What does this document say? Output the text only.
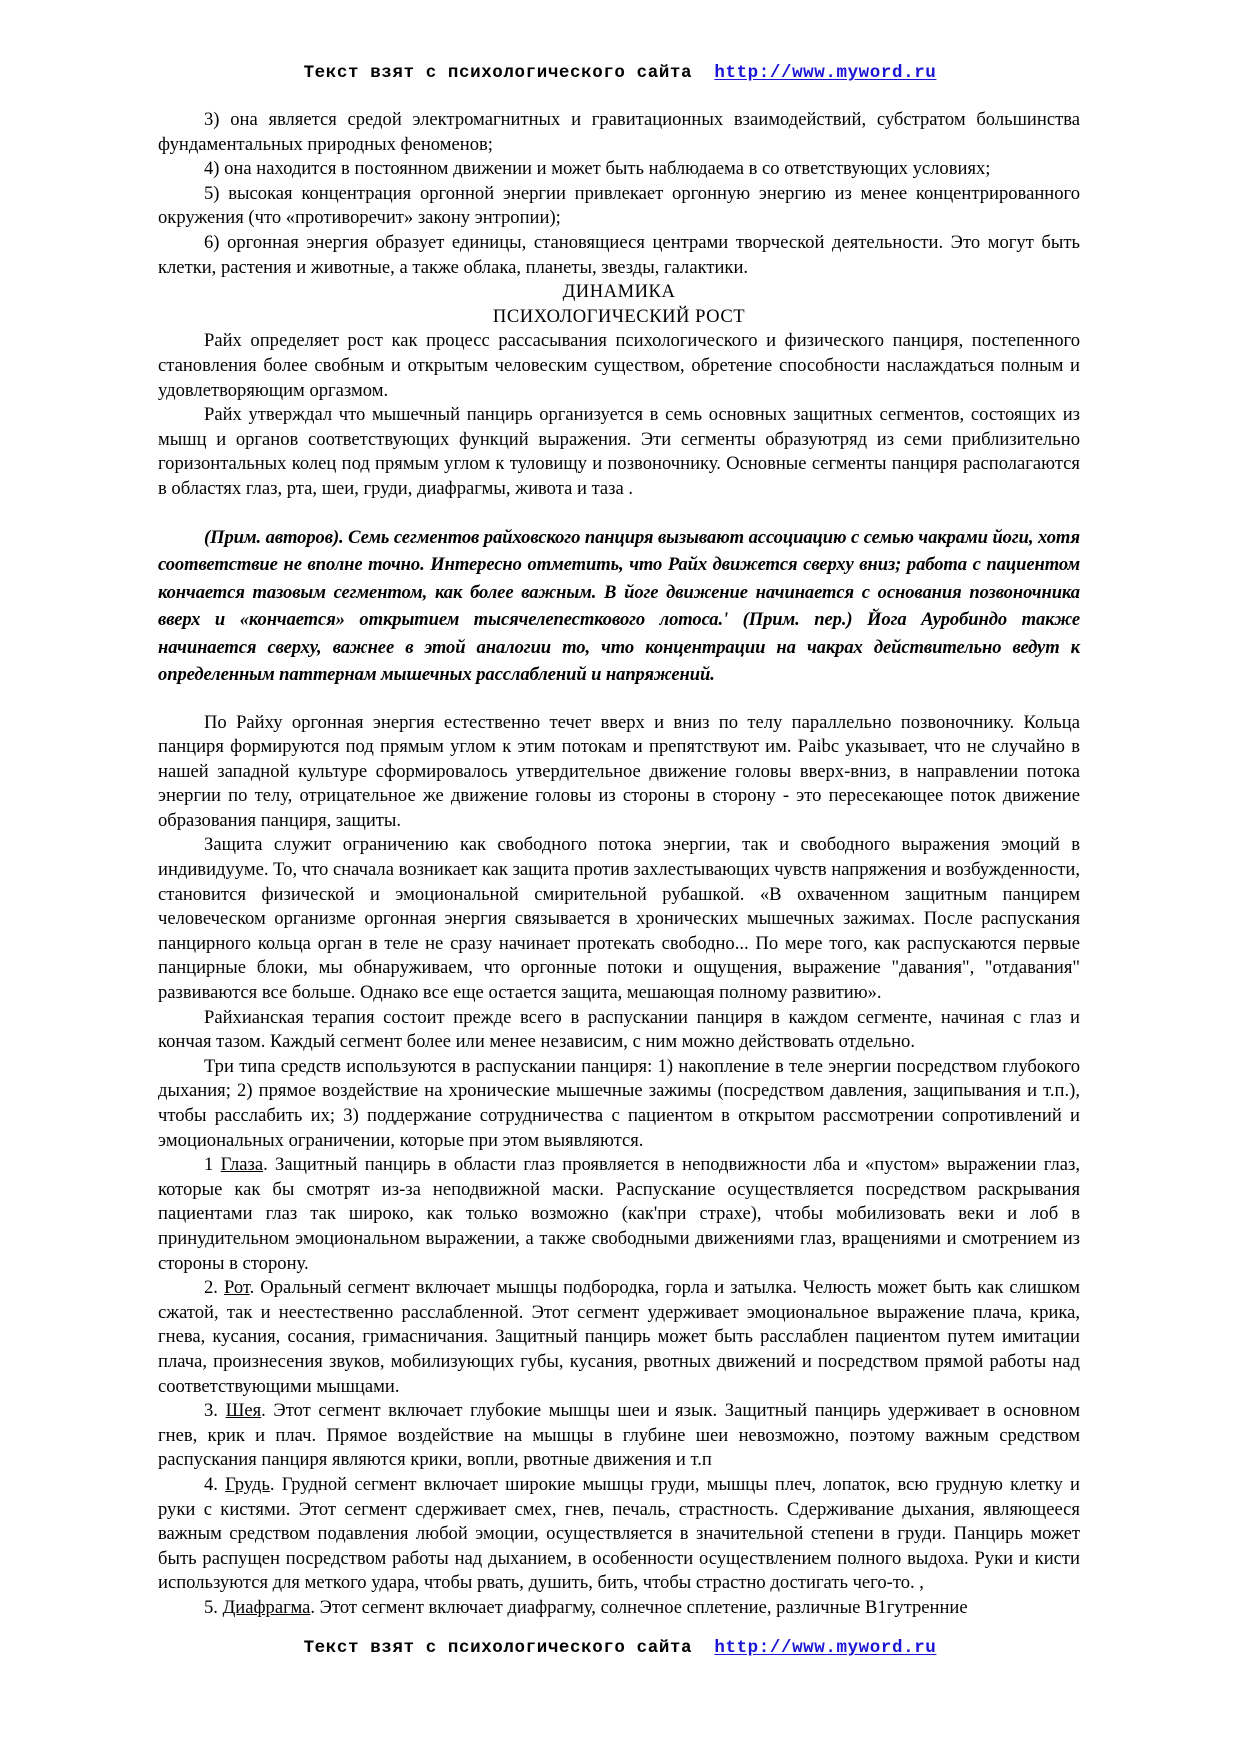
Текст взят с психологического сайта http://www.myword.ru

3) она является средой электромагнитных и гравитационных взаимодействий, субстратом большинства фундаментальных природных феноменов;

4) она находится в постоянном движении и может быть наблюдаема в со ответствующих условиях;

5) высокая концентрация оргонной энергии привлекает оргонную энергию из менее концентрированного окружения (что «противоречит» закону энтропии);

6) оргонная энергия образует единицы, становящиеся центрами творческой деятельности. Это могут быть клетки, растения и животные, а также облака, планеты, звезды, галактики.

ДИНАМИКА
ПСИХОЛОГИЧЕСКИЙ РОСТ

Райх определяет рост как процесс рассасывания психологического и физического панциря, постепенного становления более свобным и открытым человеским существом, обретение способности наслаждаться полным и удовлетворяющим оргазмом.

Райх утверждал что мышечный панцирь организуется в семь основных защитных сегментов, состоящих из мышц и органов соответствующих функций выражения. Эти сегменты образуютряд из семи приблизительно горизонтальных колец под прямым углом к туловищу и позвоночнику. Основные сегменты панциря располагаются в областях глаз, рта, шеи, груди, диафрагмы, живота и таза .

(Прим. авторов). Семь сегментов райховского панциря вызывают ассоциацию с семью чакрами йоги, хотя соответствие не вполне точно. Интересно отметить, что Райх движется сверху вниз; работа с пациентом кончается тазовым сегментом, как более важным. В йоге движение начинается с основания позвоночника вверх и «кончается» открытием тысячелепесткового лотоса.' (Прим. пер.) Йога Ауробиндо также начинается сверху, важнее в этой аналогии то, что концентрации на чакрах действительно ведут к определенным паттернам мышечных расслаблений и напряжений.

По Райху оргонная энергия естественно течет вверх и вниз по телу параллельно позвоночнику. Кольца панциря формируются под прямым углом к этим потокам и препятствуют им. Paibc указывает, что не случайно в нашей западной культуре сформировалось утвердительное движение головы вверх-вниз, в направлении потока энергии по телу, отрицательное же движение головы из стороны в сторону - это пересекающее поток движение образования панциря, защиты.

Защита служит ограничению как свободного потока энергии, так и свободного выражения эмоций в индивидууме. То, что сначала возникает как защита против захлестывающих чувств напряжения и возбужденности, становится физической и эмоциональной смирительной рубашкой. «В охваченном защитным панцирем человеческом организме оргонная энергия связывается в хронических мышечных зажимах. После распускания панцирного кольца орган в теле не сразу начинает протекать свободно... По мере того, как распускаются первые панцирные блоки, мы обнаруживаем, что оргонные потоки и ощущения, выражение "давания", "отдавания" развиваются все больше. Однако все еще остается защита, мешающая полному развитию».

Райхианская терапия состоит прежде всего в распускании панциря в каждом сегменте, начиная с глаз и кончая тазом. Каждый сегмент более или менее независим, с ним можно действовать отдельно.

Три типа средств используются в распускании панциря: 1) накопление в теле энергии посредством глубокого дыхания; 2) прямое воздействие на хронические мышечные зажимы (посредством давления, защипывания и т.п.), чтобы расслабить их; 3) поддержание сотрудничества с пациентом в открытом рассмотрении сопротивлений и эмоциональных ограничении, которые при этом выявляются.

1 Глаза. Защитный панцирь в области глаз проявляется в неподвижности лба и «пустом» выражении глаз, которые как бы смотрят из-за неподвижной маски. Распускание осуществляется посредством раскрывания пациентами глаз так широко, как только возможно (как'при страхе), чтобы мобилизовать веки и лоб в принудительном эмоциональном выражении, а также свободными движениями глаз, вращениями и смотрением из стороны в сторону.

2. Рот. Оральный сегмент включает мышцы подбородка, горла и затылка. Челюсть может быть как слишком сжатой, так и неестественно расслабленной. Этот сегмент удерживает эмоциональное выражение плача, крика, гнева, кусания, сосания, гримасничания. Защитный панцирь может быть расслаблен пациентом путем имитации плача, произнесения звуков, мобилизующих губы, кусания, рвотных движений и посредством прямой работы над соответствующими мышцами.

3. Шея. Этот сегмент включает глубокие мышцы шеи и язык. Защитный панцирь удерживает в основном гнев, крик и плач. Прямое воздействие на мышцы в глубине шеи невозможно, поэтому важным средством распускания панциря являются крики, вопли, рвотные движения и т.п

4. Грудь. Грудной сегмент включает широкие мышцы груди, мышцы плеч, лопаток, всю грудную клетку и руки с кистями. Этот сегмент сдерживает смех, гнев, печаль, страстность. Сдерживание дыхания, являющееся важным средством подавления любой эмоции, осуществляется в значительной степени в груди. Панцирь может быть распущен посредством работы над дыханием, в особенности осуществлением полного выдоха. Руки и кисти используются для меткого удара, чтобы рвать, душить, бить, чтобы страстно достигать чего-то. ,

5. Диафрагма. Этот сегмент включает диафрагму, солнечное сплетение, различные В1гутренние

Текст взят с психологического сайта http://www.myword.ru
